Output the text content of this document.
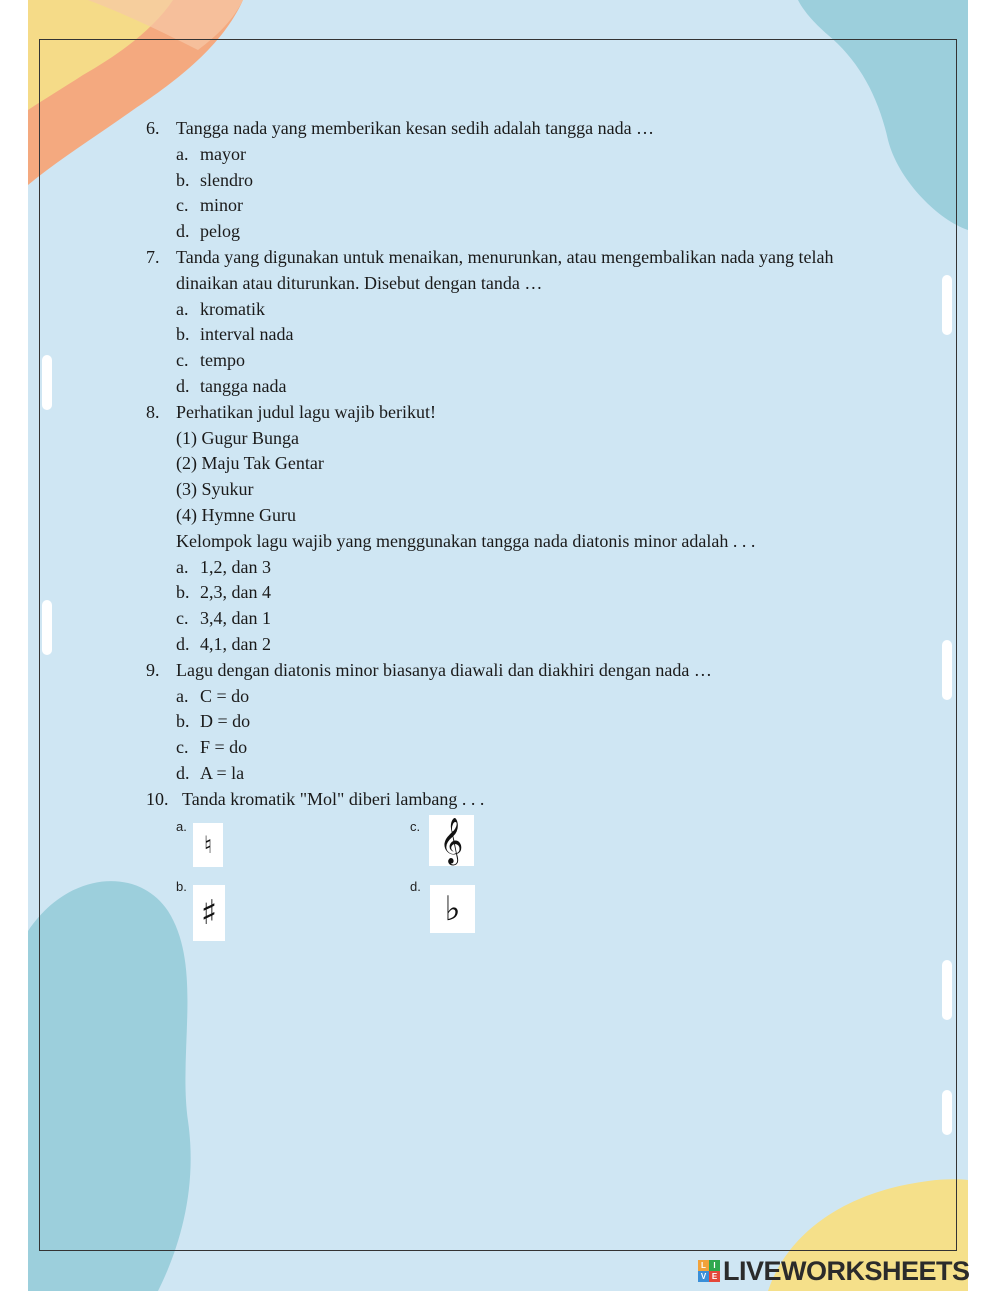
6. Tangga nada yang memberikan kesan sedih adalah tangga nada …
a. mayor
b. slendro
c. minor
d. pelog
7. Tanda yang digunakan untuk menaikan, menurunkan, atau mengembalikan nada yang telah dinaikan atau diturunkan. Disebut dengan tanda …
a. kromatik
b. interval nada
c. tempo
d. tangga nada
8. Perhatikan judul lagu wajib berikut!
(1) Gugur Bunga
(2) Maju Tak Gentar
(3) Syukur
(4) Hymne Guru
Kelompok lagu wajib yang menggunakan tangga nada diatonis minor adalah . . .
a. 1,2, dan 3
b. 2,3, dan 4
c. 3,4, dan 1
d. 4,1, dan 2
9. Lagu dengan diatonis minor biasanya diawali dan diakhiri dengan nada …
a. C = do
b. D = do
c. F = do
d. A = la
10. Tanda kromatik "Mol" diberi lambang . . .
a.
♮
b.
♯
c. 𝄞
d.
♭
L I
V E LIVEWORKSHEETS
